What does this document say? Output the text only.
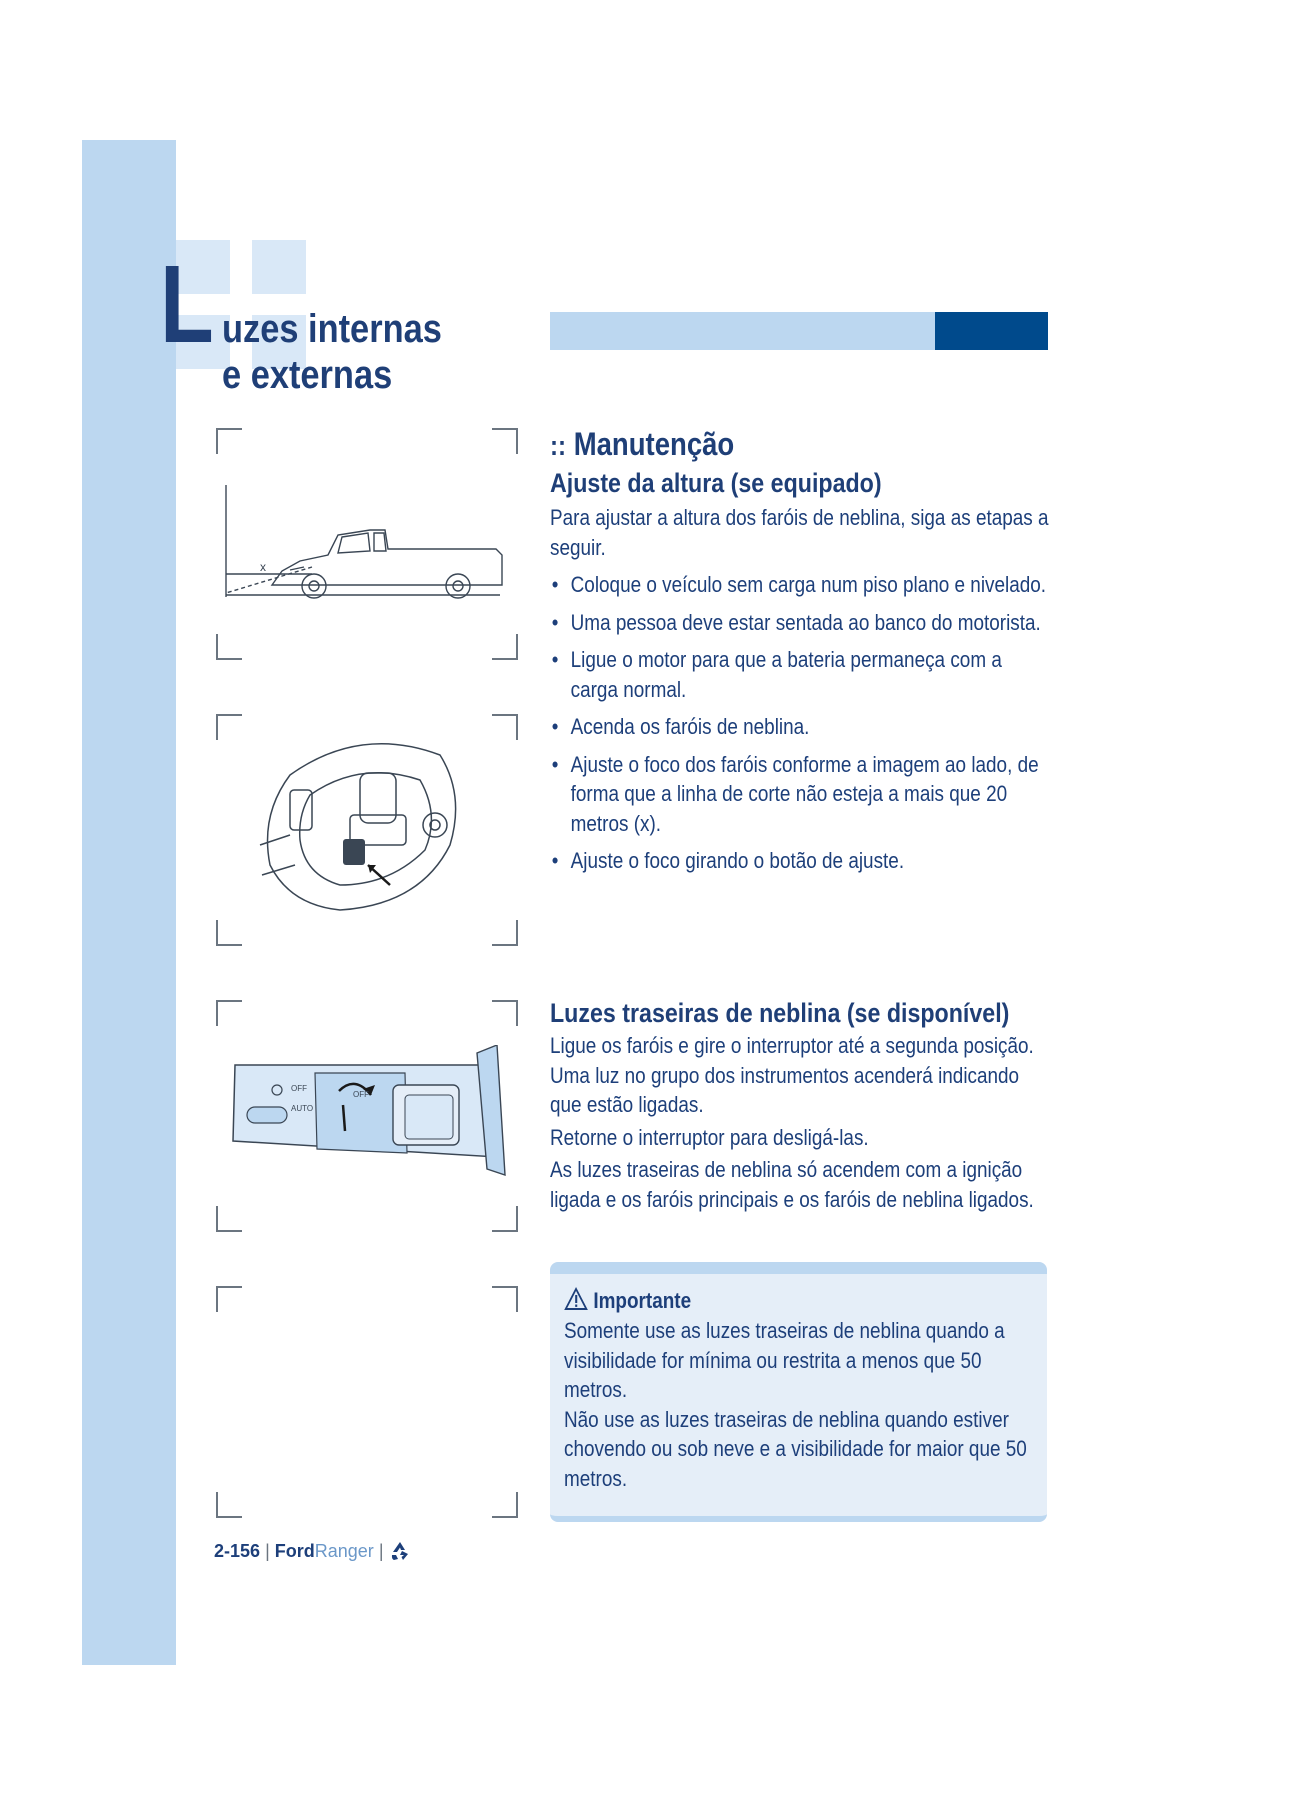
L uzes internas
e externas
x
OFF
AUTO
OFF
:: Manutenção
Ajuste da altura (se equipado)
Para ajustar a altura dos faróis de neblina, siga as etapas a seguir.
• Coloque o veículo sem carga num piso plano e nivelado.
• Uma pessoa deve estar sentada ao banco do motorista.
• Ligue o motor para que a bateria permaneça com a carga normal.
• Acenda os faróis de neblina.
• Ajuste o foco dos faróis conforme a imagem ao lado, de forma que a linha de corte não esteja a mais que 20 metros (x).
• Ajuste o foco girando o botão de ajuste.
Luzes traseiras de neblina (se disponível)
Ligue os faróis e gire o interruptor até a segunda posição. Uma luz no grupo dos instrumentos acenderá indicando que estão ligadas.
Retorne o interruptor para desligá-las.
As luzes traseiras de neblina só acendem com a ignição ligada e os faróis principais e os faróis de neblina ligados.
Importante
Somente use as luzes traseiras de neblina quando a visibilidade for mínima ou restrita a menos que 50 metros.
Não use as luzes traseiras de neblina quando estiver chovendo ou sob neve e a visibilidade for maior que 50 metros.
2-156 | FordRanger |
